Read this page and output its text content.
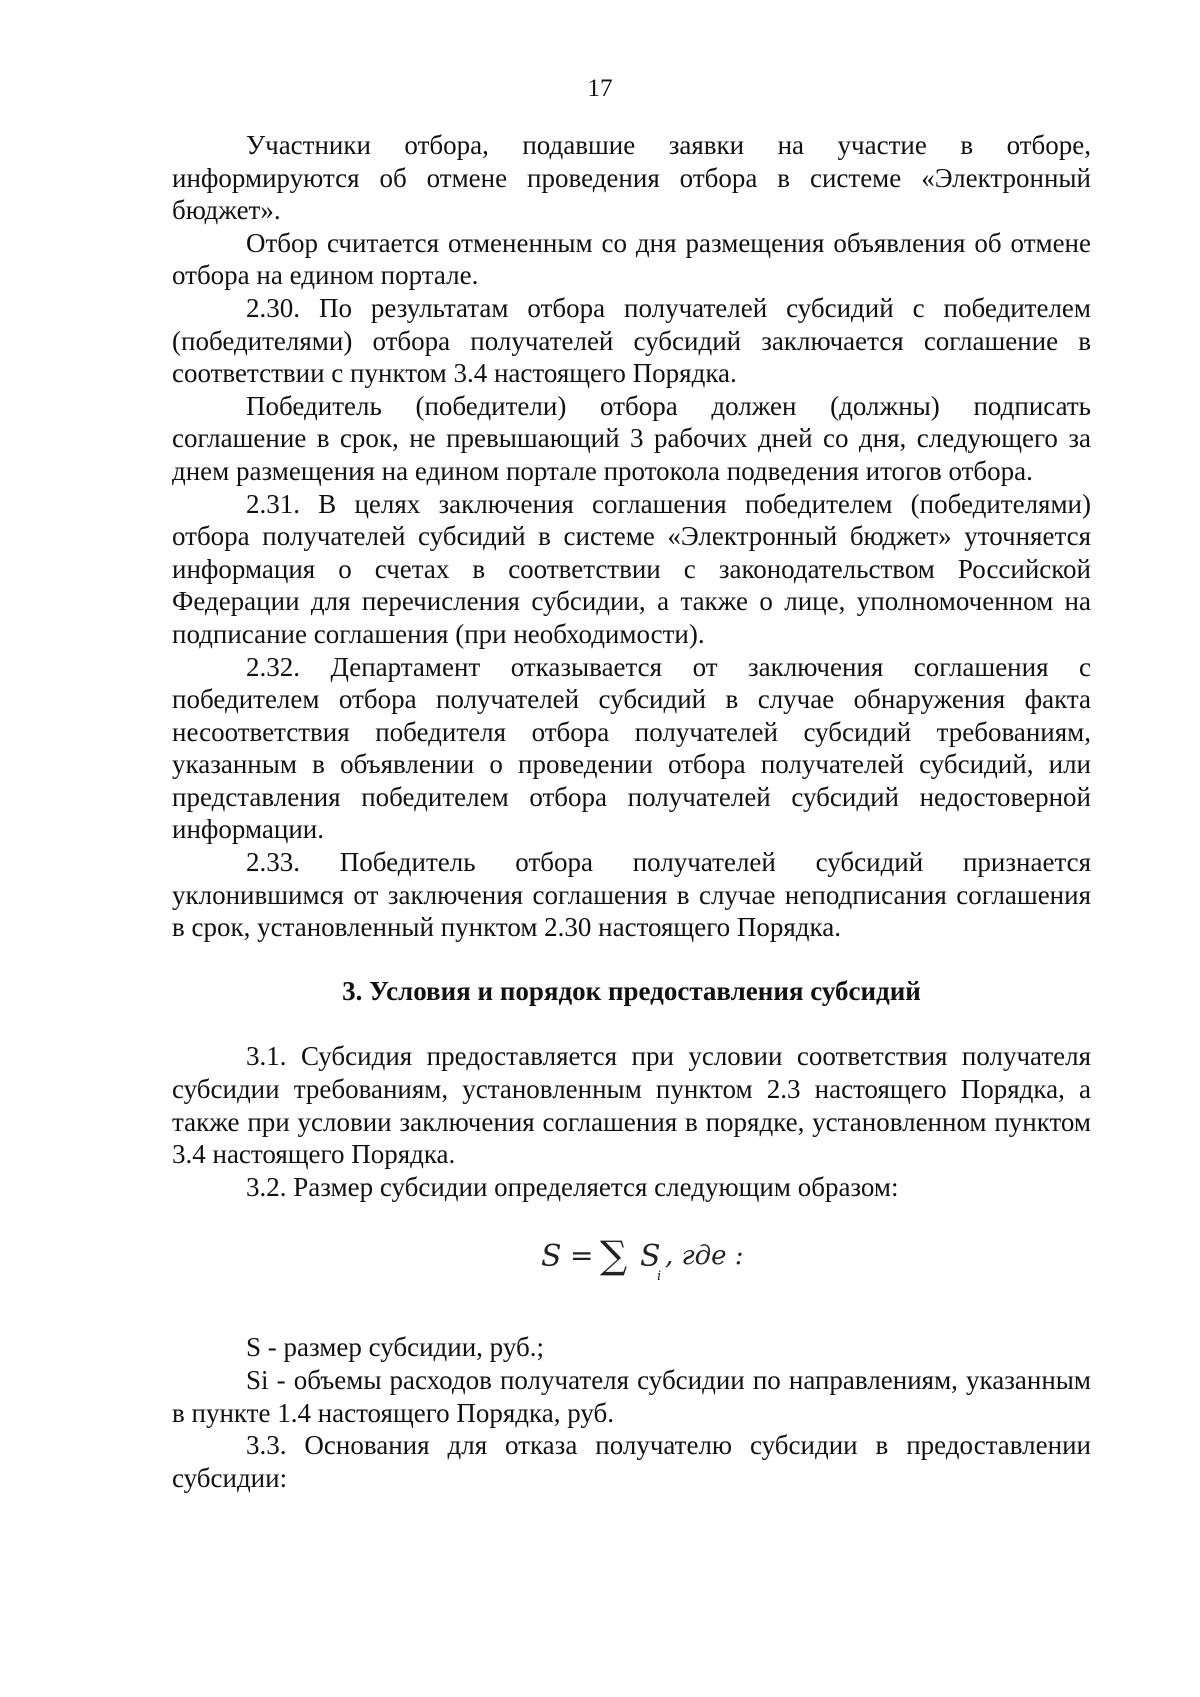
17

Участники отбора, подавшие заявки на участие в отборе, информируются об отмене проведения отбора в системе «Электронный бюджет».

Отбор считается отмененным со дня размещения объявления об отмене отбора на едином портале.

2.30. По результатам отбора получателей субсидий с победителем (победителями) отбора получателей субсидий заключается соглашение в соответствии с пунктом 3.4 настоящего Порядка.

Победитель (победители) отбора должен (должны) подписать соглашение в срок, не превышающий 3 рабочих дней со дня, следующего за днем размещения на едином портале протокола подведения итогов отбора.

2.31. В целях заключения соглашения победителем (победителями) отбора получателей субсидий в системе «Электронный бюджет» уточняется информация о счетах в соответствии с законодательством Российской Федерации для перечисления субсидии, а также о лице, уполномоченном на подписание соглашения (при необходимости).

2.32. Департамент отказывается от заключения соглашения с победителем отбора получателей субсидий в случае обнаружения факта несоответствия победителя отбора получателей субсидий требованиям, указанным в объявлении о проведении отбора получателей субсидий, или представления победителем отбора получателей субсидий недостоверной информации.

2.33. Победитель отбора получателей субсидий признается уклонившимся от заключения соглашения в случае неподписания соглашения в срок, установленный пунктом 2.30 настоящего Порядка.

3. Условия и порядок предоставления субсидий

3.1. Субсидия предоставляется при условии соответствия получателя субсидии требованиям, установленным пунктом 2.3 настоящего Порядка, а также при условии заключения соглашения в порядке, установленном пунктом 3.4 настоящего Порядка.

3.2. Размер субсидии определяется следующим образом:

S = ∑ S
i
, где :

S - размер субсидии, руб.;

Si - объемы расходов получателя субсидии по направлениям, указанным в пункте 1.4 настоящего Порядка, руб.

3.3. Основания для отказа получателю субсидии в предоставлении субсидии:
